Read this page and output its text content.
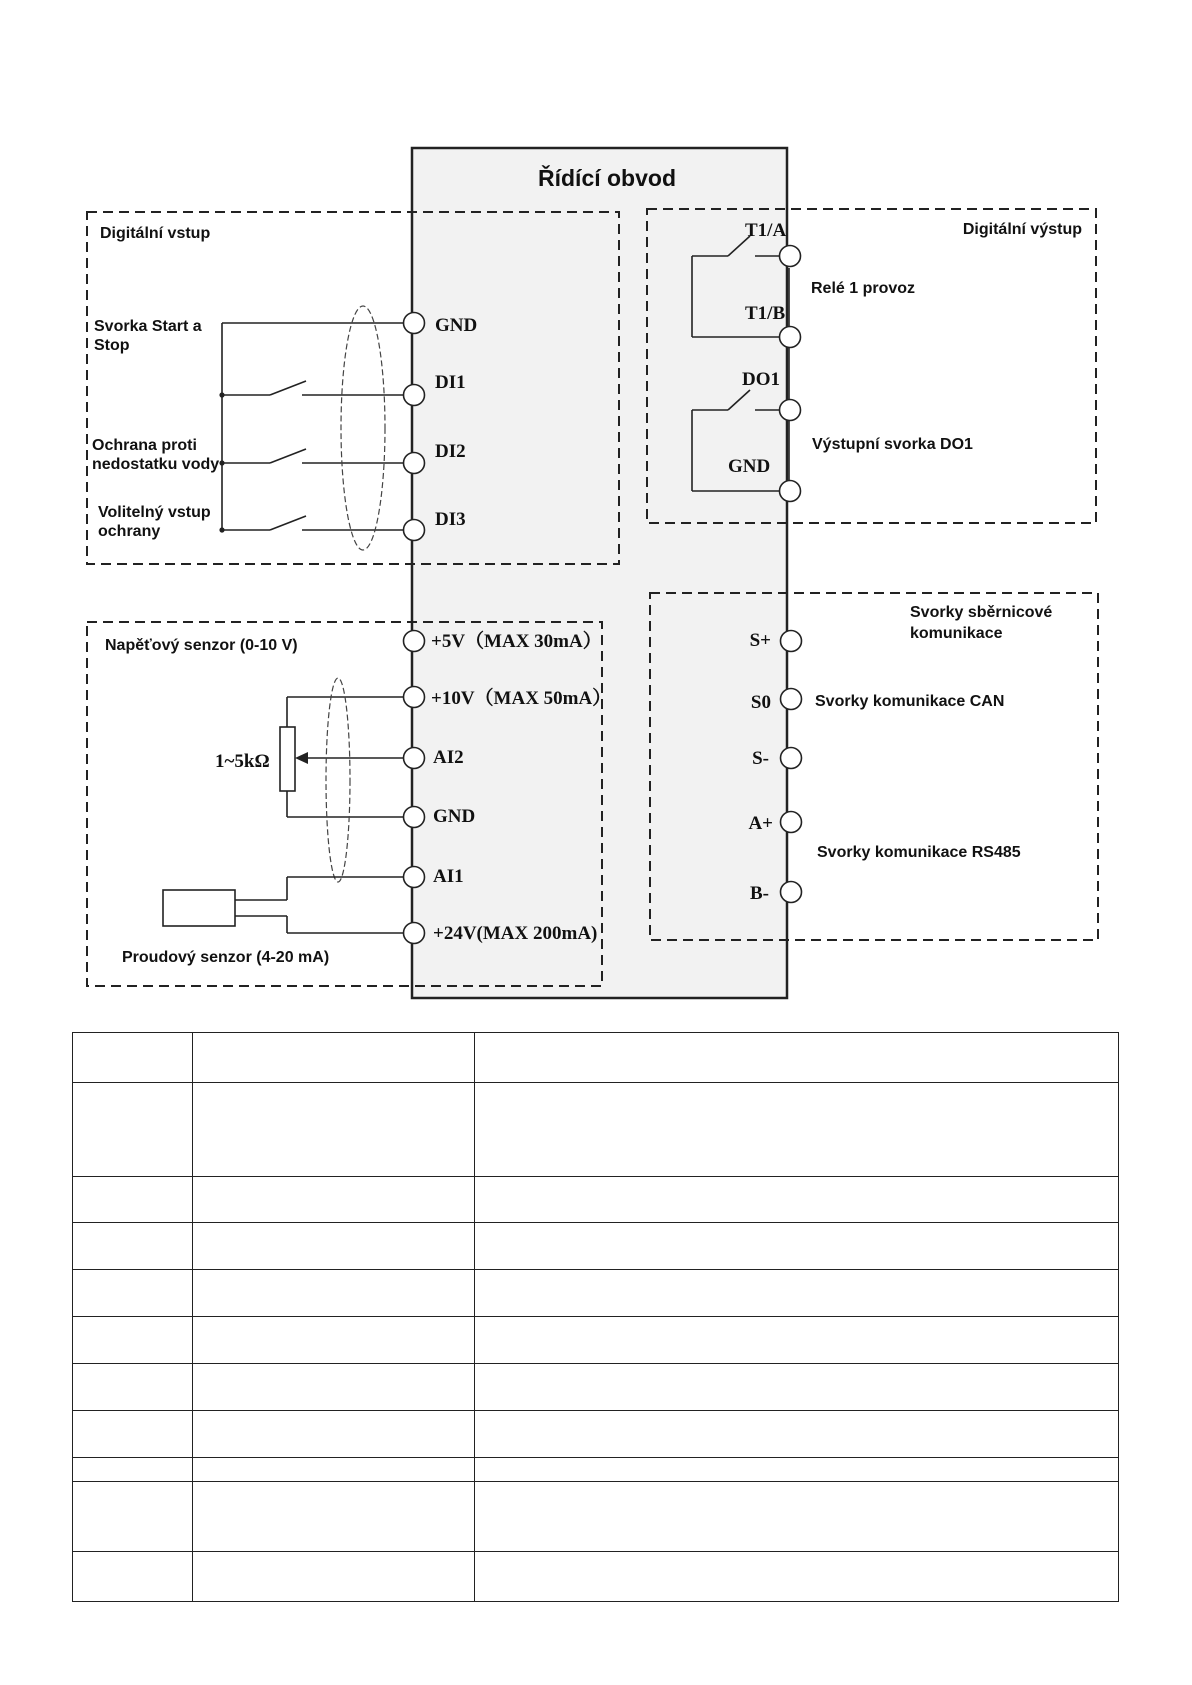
Řídící obvod
Digitální vstup	Digitální výstup
Napěťový senzor (0-10 V)
Svorky sběrnicové
komunikace
Svorka Start a
Stop
Ochrana proti
nedostatku vody
Volitelný vstup
ochrany
GND
DI1
DI2
DI3
T1/A
T1/B
DO1
GND
Relé 1 provoz
Výstupní svorka DO1
1~5kΩ
Proudový senzor (4-20 mA)
+5V（MAX 30mA）
+10V（MAX 50mA）
AI2
GND
AI1
+24V(MAX 200mA)
S+
S0
S-
A+
B-
Svorky komunikace CAN
Svorky komunikace RS485
